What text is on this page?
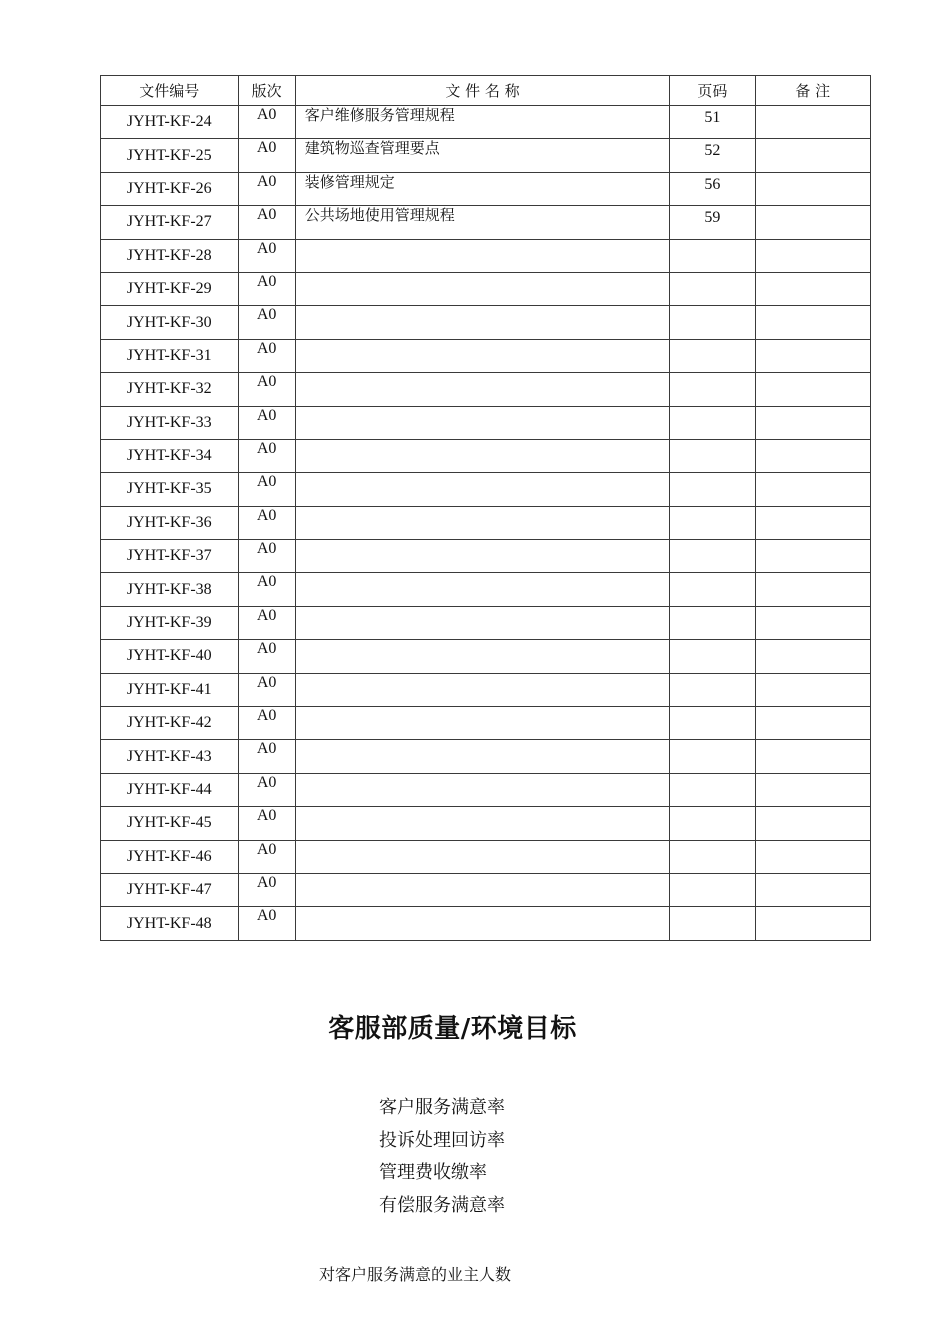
文件编号	版次	文 件 名 称	页码	备 注
JYHT-KF-24	A0	客户维修服务管理规程	51	
JYHT-KF-25	A0	建筑物巡查管理要点	52	
JYHT-KF-26	A0	装修管理规定	56	
JYHT-KF-27	A0	公共场地使用管理规程	59	
JYHT-KF-28	A0			
JYHT-KF-29	A0			
JYHT-KF-30	A0			
JYHT-KF-31	A0			
JYHT-KF-32	A0			
JYHT-KF-33	A0			
JYHT-KF-34	A0			
JYHT-KF-35	A0			
JYHT-KF-36	A0			
JYHT-KF-37	A0			
JYHT-KF-38	A0			
JYHT-KF-39	A0			
JYHT-KF-40	A0			
JYHT-KF-41	A0			
JYHT-KF-42	A0			
JYHT-KF-43	A0			
JYHT-KF-44	A0			
JYHT-KF-45	A0			
JYHT-KF-46	A0			
JYHT-KF-47	A0			
JYHT-KF-48	A0			
客服部质量/环境目标
客户服务满意率
投诉处理回访率
管理费收缴率
有偿服务满意率
对客户服务满意的业主人数
